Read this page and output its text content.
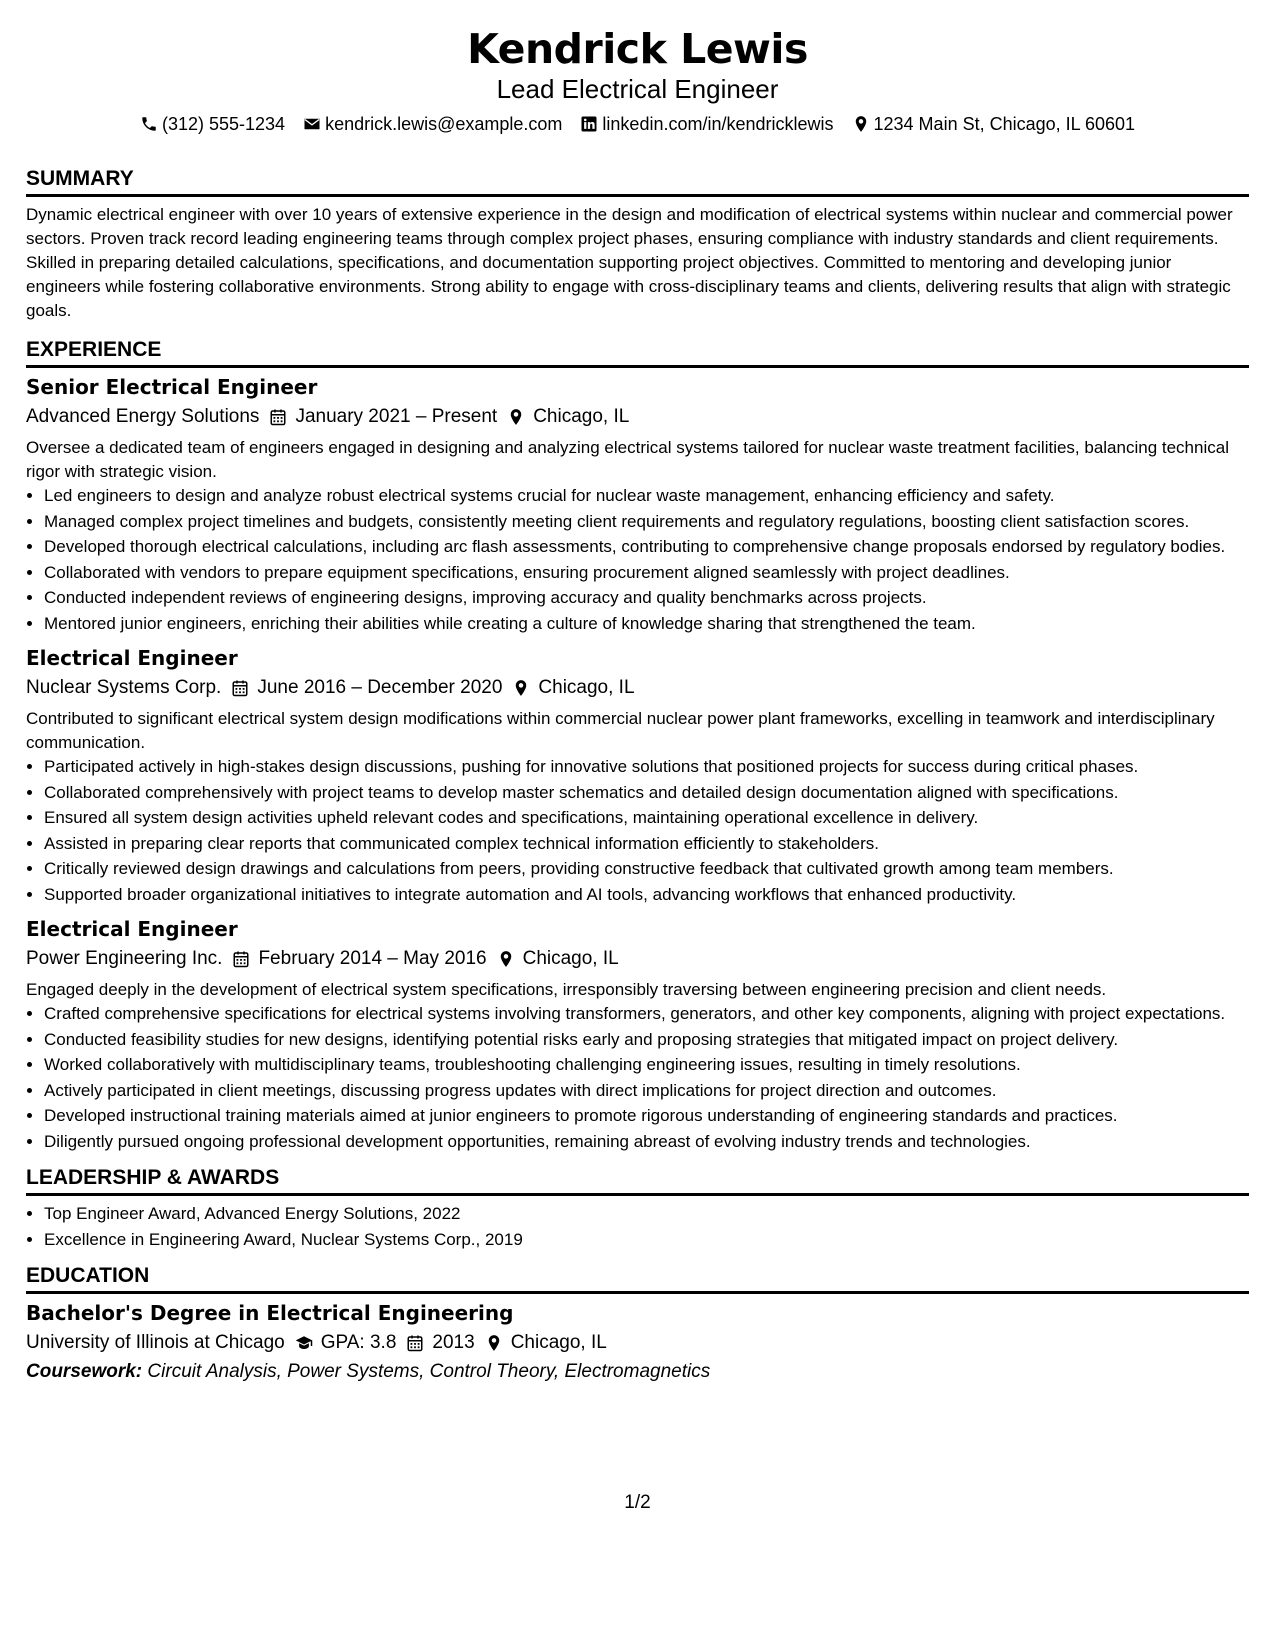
Kendrick Lewis
Lead Electrical Engineer
(312) 555-1234 kendrick.lewis@example.com linkedin.com/in/kendricklewis 1234 Main St, Chicago, IL 60601
SUMMARY
Dynamic electrical engineer with over 10 years of extensive experience in the design and modification of electrical systems within nuclear and commercial power sectors. Proven track record leading engineering teams through complex project phases, ensuring compliance with industry standards and client requirements. Skilled in preparing detailed calculations, specifications, and documentation supporting project objectives. Committed to mentoring and developing junior engineers while fostering collaborative environments. Strong ability to engage with cross-disciplinary teams and clients, delivering results that align with strategic goals.
EXPERIENCE
Senior Electrical Engineer
Advanced Energy Solutions January 2021 – Present Chicago, IL
Oversee a dedicated team of engineers engaged in designing and analyzing electrical systems tailored for nuclear waste treatment facilities, balancing technical rigor with strategic vision.
• Led engineers to design and analyze robust electrical systems crucial for nuclear waste management, enhancing efficiency and safety.
• Managed complex project timelines and budgets, consistently meeting client requirements and regulatory regulations, boosting client satisfaction scores.
• Developed thorough electrical calculations, including arc flash assessments, contributing to comprehensive change proposals endorsed by regulatory bodies.
• Collaborated with vendors to prepare equipment specifications, ensuring procurement aligned seamlessly with project deadlines.
• Conducted independent reviews of engineering designs, improving accuracy and quality benchmarks across projects.
• Mentored junior engineers, enriching their abilities while creating a culture of knowledge sharing that strengthened the team.
Electrical Engineer
Nuclear Systems Corp. June 2016 – December 2020 Chicago, IL
Contributed to significant electrical system design modifications within commercial nuclear power plant frameworks, excelling in teamwork and interdisciplinary communication.
• Participated actively in high-stakes design discussions, pushing for innovative solutions that positioned projects for success during critical phases.
• Collaborated comprehensively with project teams to develop master schematics and detailed design documentation aligned with specifications.
• Ensured all system design activities upheld relevant codes and specifications, maintaining operational excellence in delivery.
• Assisted in preparing clear reports that communicated complex technical information efficiently to stakeholders.
• Critically reviewed design drawings and calculations from peers, providing constructive feedback that cultivated growth among team members.
• Supported broader organizational initiatives to integrate automation and AI tools, advancing workflows that enhanced productivity.
Electrical Engineer
Power Engineering Inc. February 2014 – May 2016 Chicago, IL
Engaged deeply in the development of electrical system specifications, irresponsibly traversing between engineering precision and client needs.
• Crafted comprehensive specifications for electrical systems involving transformers, generators, and other key components, aligning with project expectations.
• Conducted feasibility studies for new designs, identifying potential risks early and proposing strategies that mitigated impact on project delivery.
• Worked collaboratively with multidisciplinary teams, troubleshooting challenging engineering issues, resulting in timely resolutions.
• Actively participated in client meetings, discussing progress updates with direct implications for project direction and outcomes.
• Developed instructional training materials aimed at junior engineers to promote rigorous understanding of engineering standards and practices.
• Diligently pursued ongoing professional development opportunities, remaining abreast of evolving industry trends and technologies.
LEADERSHIP & AWARDS
• Top Engineer Award, Advanced Energy Solutions, 2022
• Excellence in Engineering Award, Nuclear Systems Corp., 2019
EDUCATION
Bachelor's Degree in Electrical Engineering
University of Illinois at Chicago GPA: 3.8 2013 Chicago, IL
Coursework: Circuit Analysis, Power Systems, Control Theory, Electromagnetics
1/2
